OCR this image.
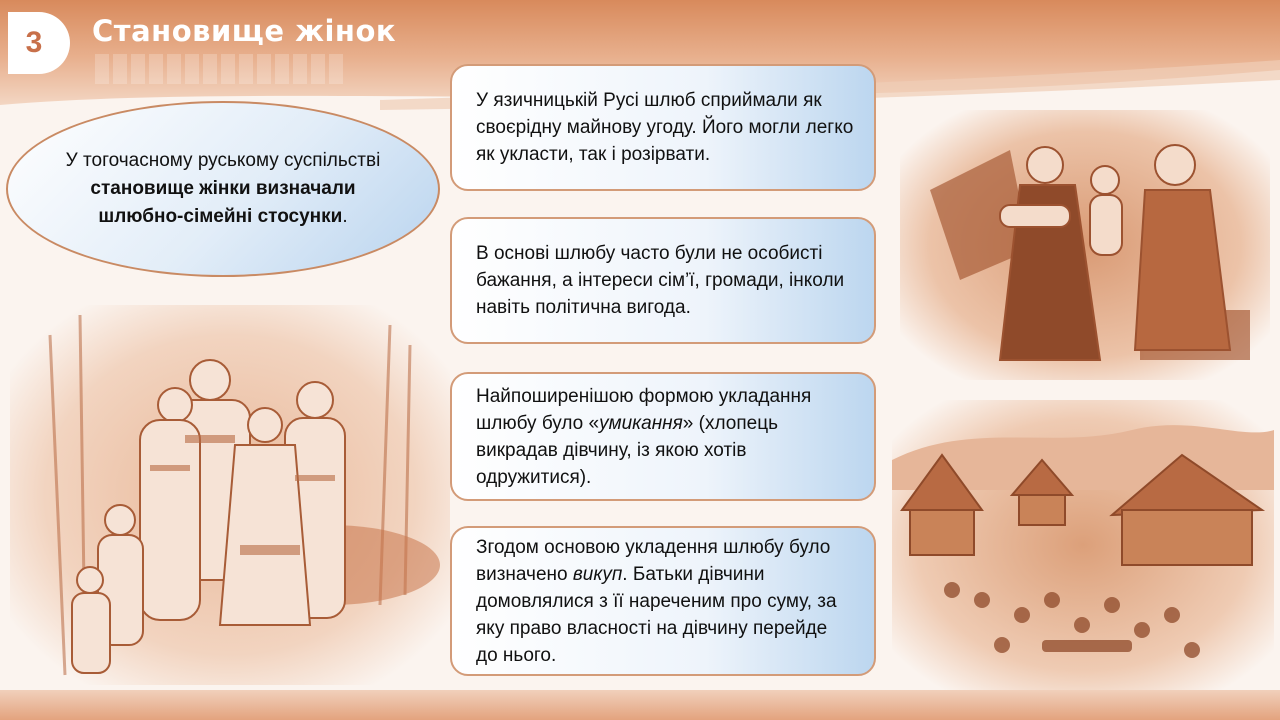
3 Становище жінок

У тогочасному руському суспільстві становище жінки визначали шлюбно-сімейні стосунки.

У язичницькій Русі шлюб сприймали як своєрідну майнову угоду. Його могли легко як укласти, так і розірвати.

В основі шлюбу часто були не особисті бажання, а інтереси сім’ї, громади, інколи навіть політична вигода.

Найпоширенішою формою укладання шлюбу було «умикання» (хлопець викрадав дівчину, із якою хотів одружитися).

Згодом основою укладення шлюбу було визначено викуп. Батьки дівчини домовлялися з її нареченим про суму, за яку право власності на дівчину перейде до нього.
